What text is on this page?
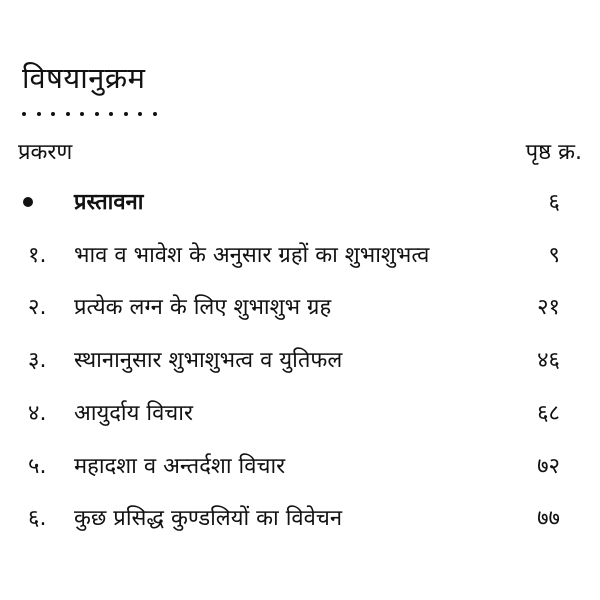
विषयानुक्रम
प्रकरण	पृष्ठ क्र.
प्रस्तावना	६
१.	भाव व भावेश के अनुसार ग्रहों का शुभाशुभत्व	९
२.	प्रत्येक लग्न के लिए शुभाशुभ ग्रह	२१
३.	स्थानानुसार शुभाशुभत्व व युतिफल	४६
४.	आयुर्दाय विचार	६८
५.	महादशा व अन्तर्दशा विचार	७२
६.	कुछ प्रसिद्ध कुण्डलियों का विवेचन	७७
